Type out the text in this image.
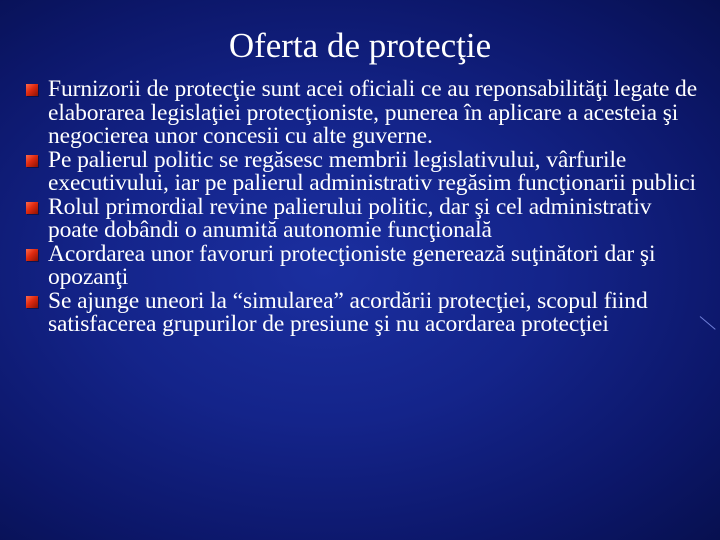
Oferta de protecţie
Furnizorii de protecţie sunt acei oficiali ce au reponsabilităţi legate de elaborarea legislaţiei protecţioniste, punerea în aplicare a acesteia şi negocierea unor concesii cu alte guverne.
Pe palierul politic se regăsesc membrii legislativului, vârfurile executivului, iar pe palierul administrativ regăsim funcţionarii publici
Rolul primordial revine palierului politic, dar şi cel administrativ poate dobândi o anumită autonomie funcţională
Acordarea unor favoruri protecţioniste generează suţinători dar şi opozanţi
Se ajunge uneori la “simularea” acordării protecţiei, scopul fiind satisfacerea grupurilor de presiune şi nu acordarea protecţiei
